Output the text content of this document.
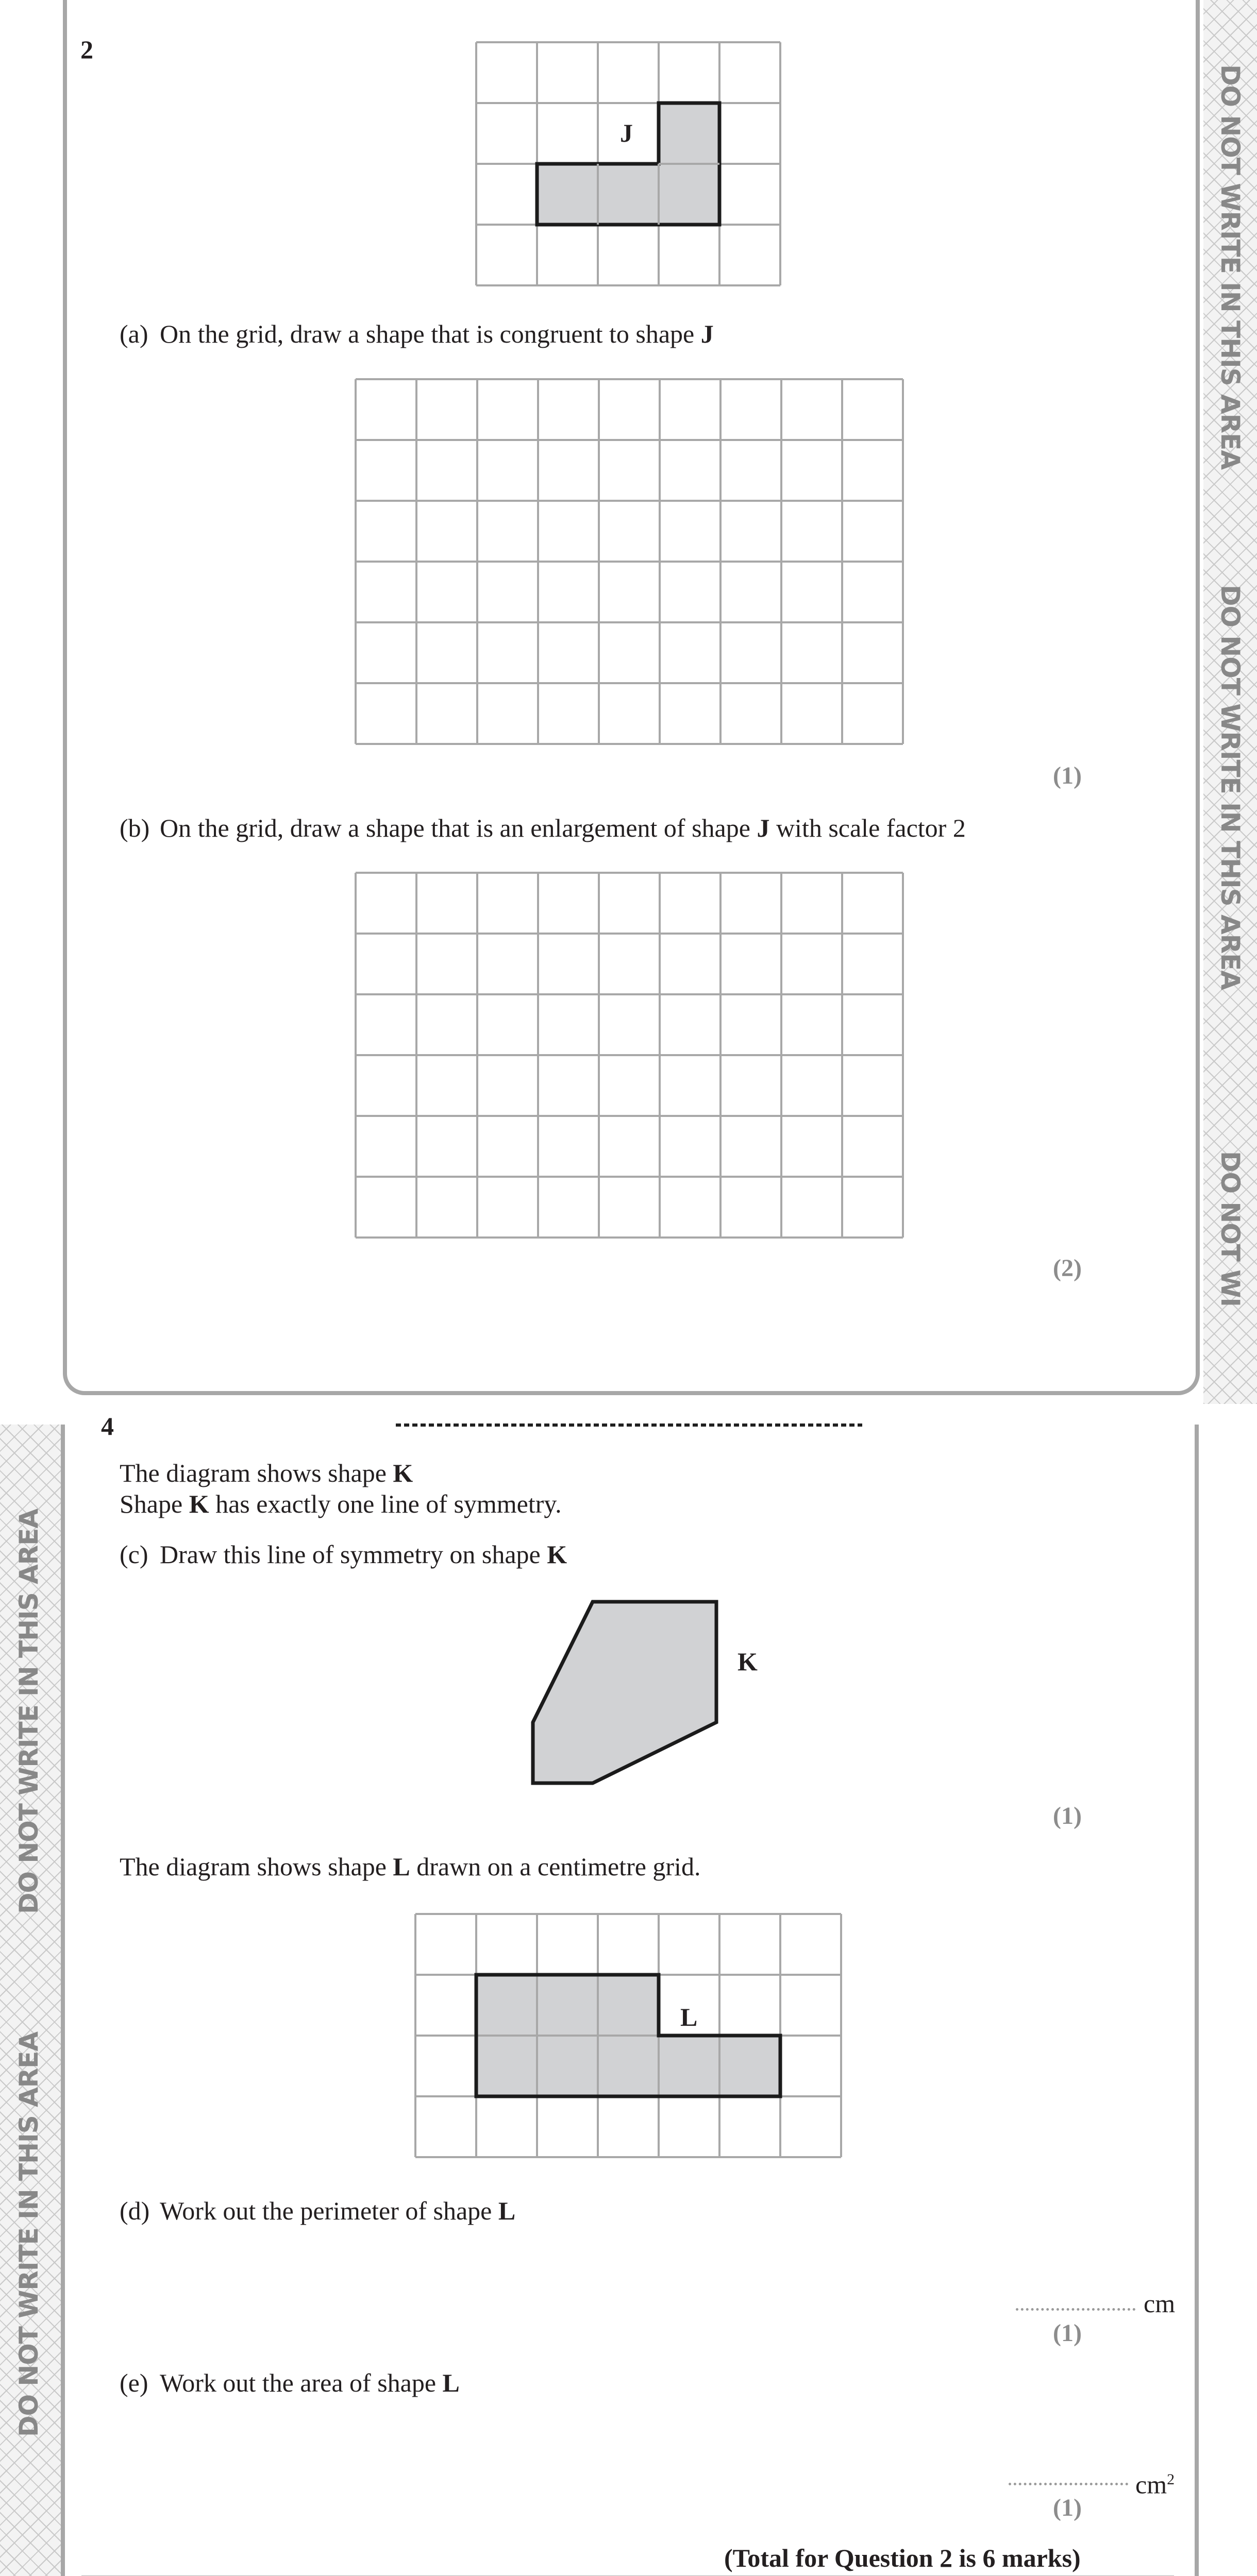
DO NOT WRITE IN THIS AREA
DO NOT WRITE IN THIS AREA
DO NOT WI
2
J
(a) On the grid, draw a shape that is congruent to shape J
(1)
(b) On the grid, draw a shape that is an enlargement of shape J with scale factor 2
(2)
DO NOT WRITE IN THIS AREA
DO NOT WRITE IN THIS AREA
4
The diagram shows shape K
Shape K has exactly one line of symmetry.
(c) Draw this line of symmetry on shape K
K
(1)
The diagram shows shape L drawn on a centimetre grid.
L
(d) Work out the perimeter of shape L
cm
(1)
(e) Work out the area of shape L
$cm^2$
(1)
(Total for Question 2 is 6 marks)
